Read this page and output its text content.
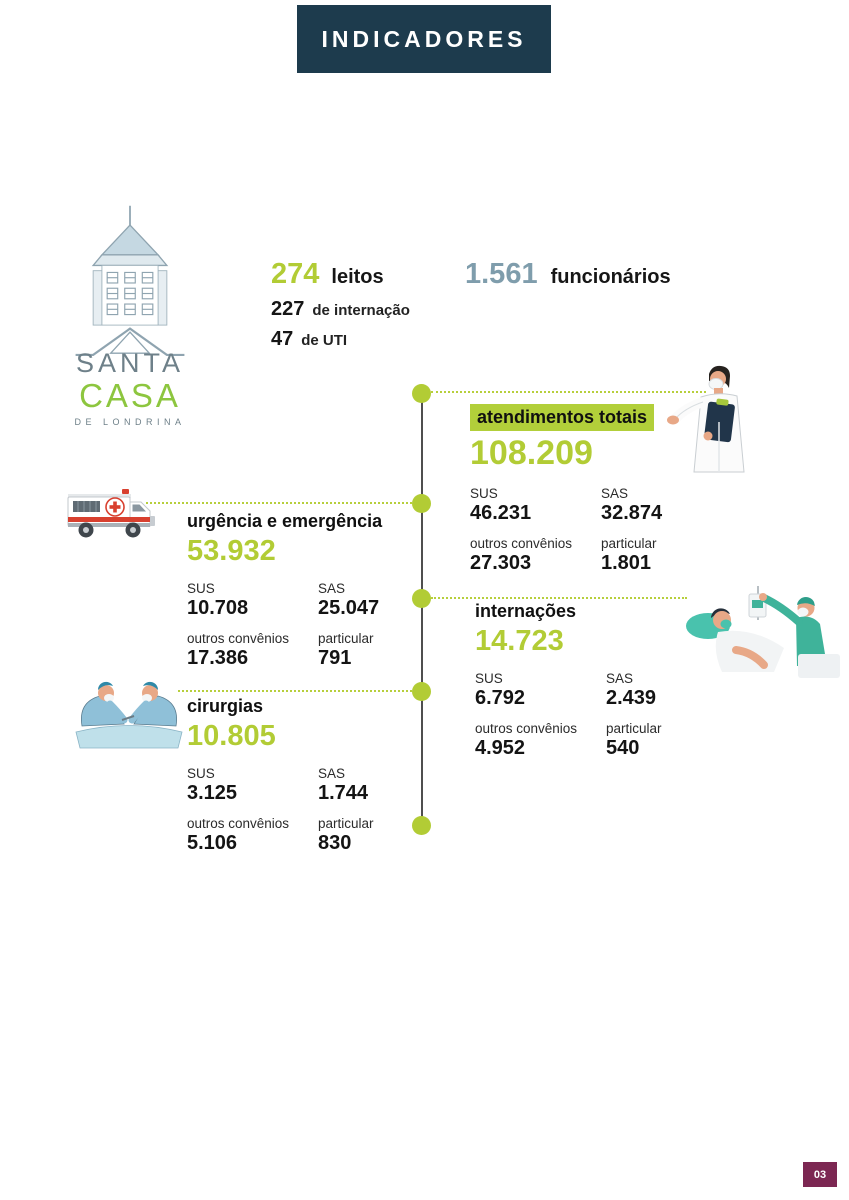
INDICADORES
SANTA
CASA
DE LONDRINA
274 leitos
227 de internação
47 de UTI
1.561 funcionários
atendimentos totais
108.209
SUS
46.231
SAS
32.874
outros convênios
27.303
particular
1.801
urgência e emergência
53.932
SUS
10.708
SAS
25.047
outros convênios
17.386
particular
791
internações
14.723
SUS
6.792
SAS
2.439
outros convênios
4.952
particular
540
cirurgias
10.805
SUS
3.125
SAS
1.744
outros convênios
5.106
particular
830
03
